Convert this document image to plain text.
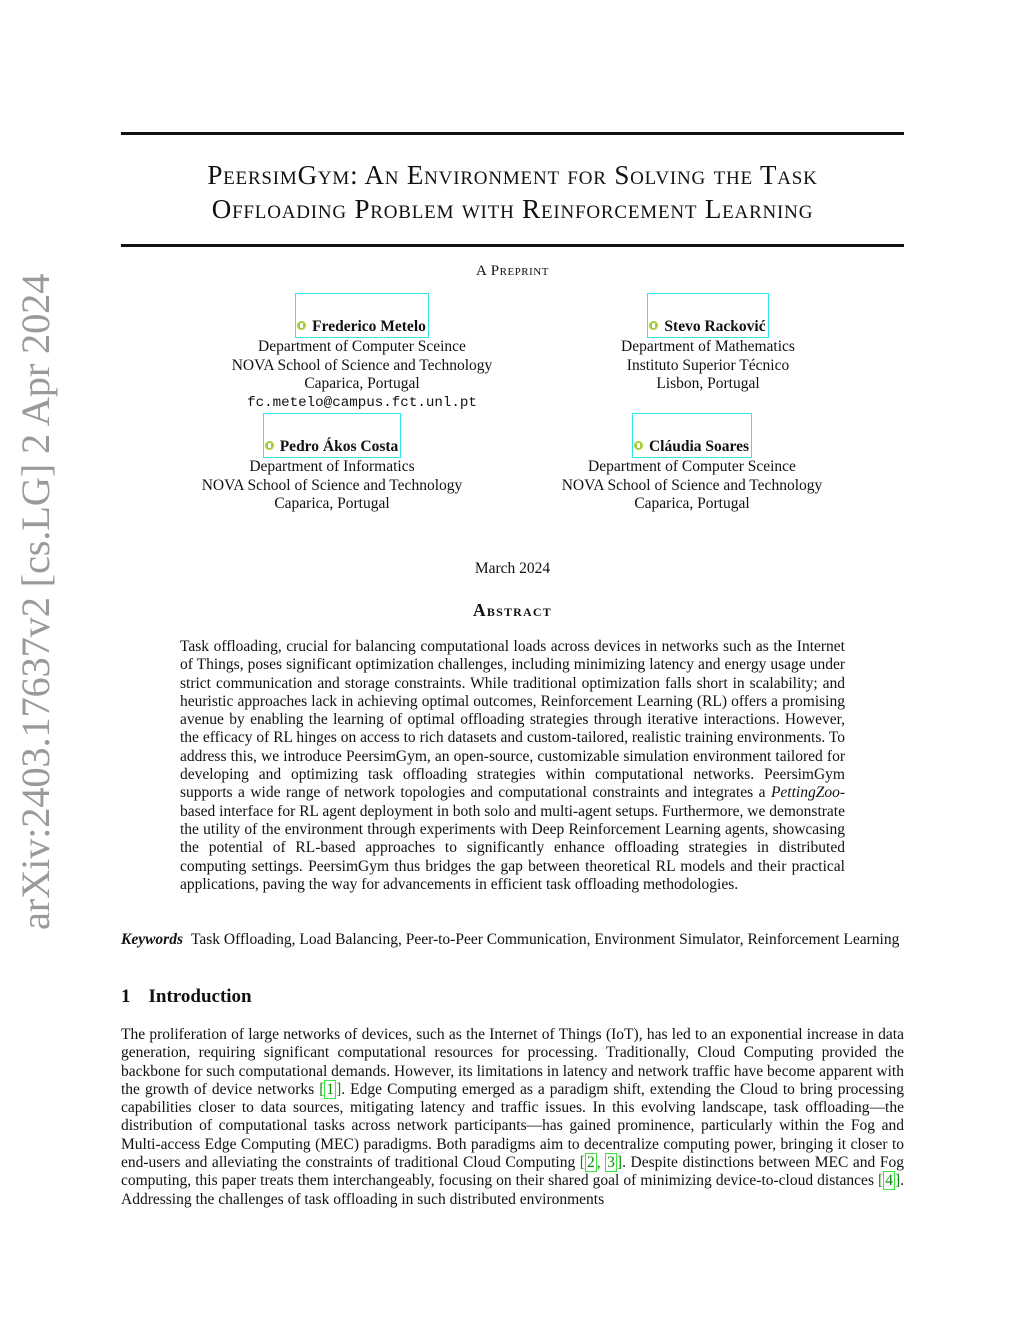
arXiv:2403.17637v2 [cs.LG] 2 Apr 2024
PeersimGym: An Environment for Solving the Task
Offloading Problem with Reinforcement Learning
A Preprint
Frederico Metelo
Department of Computer Sceince
NOVA School of Science and Technology
Caparica, Portugal
fc.metelo@campus.fct.unl.pt
Stevo Racković
Department of Mathematics
Instituto Superior Técnico
Lisbon, Portugal
Pedro Ákos Costa
Department of Informatics
NOVA School of Science and Technology
Caparica, Portugal
Cláudia Soares
Department of Computer Sceince
NOVA School of Science and Technology
Caparica, Portugal
March 2024
Abstract
Task offloading, crucial for balancing computational loads across devices in networks such as the Internet of Things, poses significant optimization challenges, including minimizing latency and energy usage under strict communication and storage constraints. While traditional optimization falls short in scalability; and heuristic approaches lack in achieving optimal outcomes, Reinforcement Learning (RL) offers a promising avenue by enabling the learning of optimal offloading strategies through iterative interactions. However, the efficacy of RL hinges on access to rich datasets and custom-tailored, realistic training environments. To address this, we introduce PeersimGym, an open-source, customizable simulation environment tailored for developing and optimizing task offloading strategies within computational networks. PeersimGym supports a wide range of network topologies and computational constraints and integrates a PettingZoo-based interface for RL agent deployment in both solo and multi-agent setups. Furthermore, we demonstrate the utility of the environment through experiments with Deep Reinforcement Learning agents, showcasing the potential of RL-based approaches to significantly enhance offloading strategies in distributed computing settings. PeersimGym thus bridges the gap between theoretical RL models and their practical applications, paving the way for advancements in efficient task offloading methodologies.
Keywords Task Offloading, Load Balancing, Peer-to-Peer Communication, Environment Simulator, Reinforcement Learning
1 Introduction
The proliferation of large networks of devices, such as the Internet of Things (IoT), has led to an exponential increase in data generation, requiring significant computational resources for processing. Traditionally, Cloud Computing provided the backbone for such computational demands. However, its limitations in latency and network traffic have become apparent with the growth of device networks [ 1 ]. Edge Computing emerged as a paradigm shift, extending the Cloud to bring processing capabilities closer to data sources, mitigating latency and traffic issues. In this evolving landscape, task offloading—the distribution of computational tasks across network participants—has gained prominence, particularly within the Fog and Multi-access Edge Computing (MEC) paradigms. Both paradigms aim to decentralize computing power, bringing it closer to end-users and alleviating the constraints of traditional Cloud Computing [ 2 , 3 ]. Despite distinctions between MEC and Fog computing, this paper treats them interchangeably, focusing on their shared goal of minimizing device-to-cloud distances [ 4 ]. Addressing the challenges of task offloading in such distributed environments
